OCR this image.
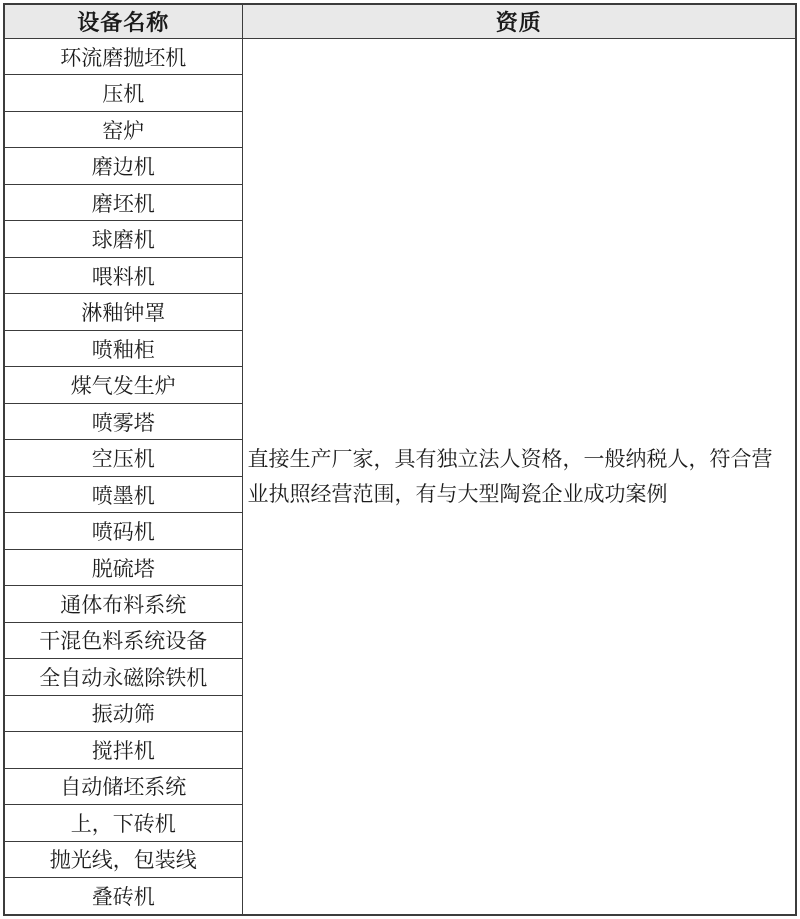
设备名称	资质
环流磨抛坯机	直接生产厂家，具有独立法人资格，一般纳税人，符合营业执照经营范围，有与大型陶瓷企业成功案例
压机	
窑炉	
磨边机	
磨坯机	
球磨机	
喂料机	
淋釉钟罩	
喷釉柜	
煤气发生炉	
喷雾塔	
空压机	
喷墨机	
喷码机	
脱硫塔	
通体布料系统	
干混色料系统设备	
全自动永磁除铁机	
振动筛	
搅拌机	
自动储坯系统	
上，下砖机	
抛光线，包装线	
叠砖机	
